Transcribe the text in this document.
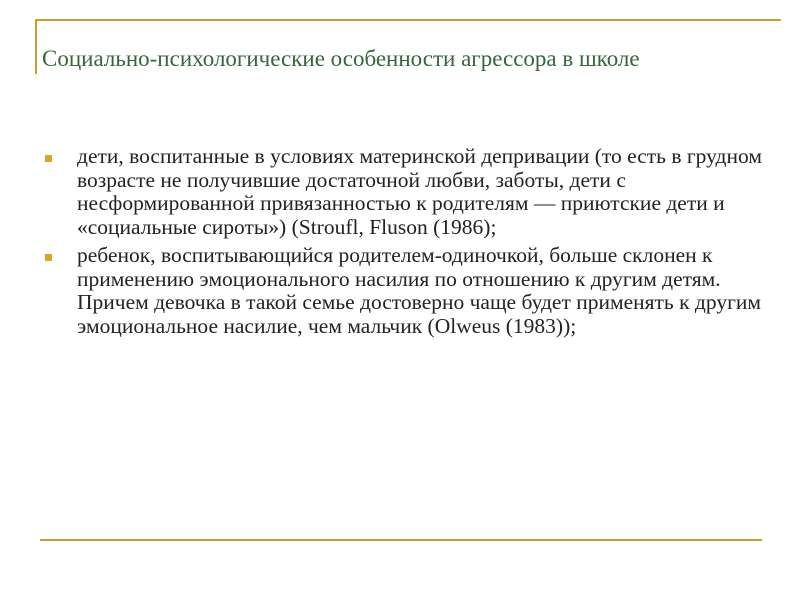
Социально-психологические особенности агрессора в школе
дети, воспитанные в условиях материнской депривации (то есть в грудном возрасте не получившие достаточной любви, заботы, дети с несформированной привязанностью к родителям — приютские дети и «социальные сироты») (Stroufl, Fluson (1986);
ребенок, воспитывающийся родителем-одиночкой, больше склонен к применению эмоционального насилия по отношению к другим детям. Причем девочка в такой семье достоверно чаще будет применять к другим эмоциональное насилие, чем мальчик (Olweus (1983));
